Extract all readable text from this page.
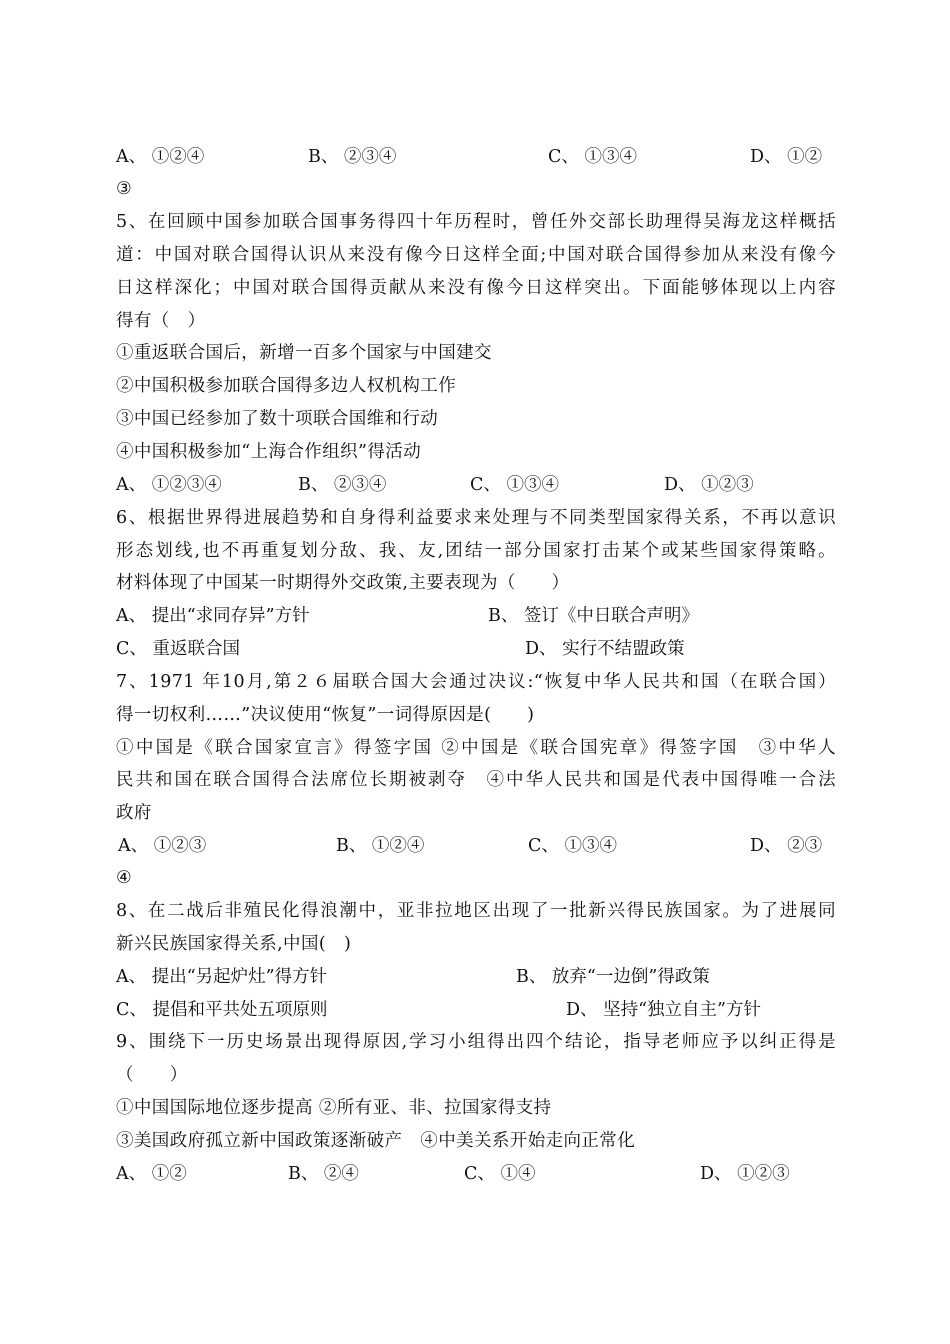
A、 ①②④	B、 ②③④	C、 ①③④	D、 ①②
③
5、在回顾中国参加联合国事务得四十年历程时，曾任外交部长助理得吴海龙这样概括
道：中国对联合国得认识从来没有像今日这样全面;中国对联合国得参加从来没有像今
日这样深化；中国对联合国得贡献从来没有像今日这样突出。下面能够体现以上内容
得有（　）
①重返联合国后，新增一百多个国家与中国建交
②中国积极参加联合国得多边人权机构工作
③中国已经参加了数十项联合国维和行动
④中国积极参加“上海合作组织”得活动
A、 ①②③④	B、 ②③④	C、 ①③④	D、 ①②③
6、根据世界得进展趋势和自身得利益要求来处理与不同类型国家得关系，不再以意识
形态划线,也不再重复划分敌、我、友,团结一部分国家打击某个或某些国家得策略。
材料体现了中国某一时期得外交政策,主要表现为（　　）
A、 提出“求同存异”方针	B、 签订《中日联合声明》
C、 重返联合国	D、 实行不结盟政策
7、1971 年10月,第２６届联合国大会通过决议:“恢复中华人民共和国（在联合国）
得一切权利……”决议使用“恢复”一词得原因是(　　)
①中国是《联合国家宣言》得签字国 ②中国是《联合国宪章》得签字国　③中华人
民共和国在联合国得合法席位长期被剥夺　④中华人民共和国是代表中国得唯一合法
政府
A、 ①②③	B、 ①②④	C、 ①③④	D、 ②③
④
8、在二战后非殖民化得浪潮中，亚非拉地区出现了一批新兴得民族国家。为了进展同
新兴民族国家得关系,中国(　)
A、 提出“另起炉灶”得方针	B、 放弃“一边倒”得政策
C、 提倡和平共处五项原则	D、 坚持“独立自主”方针
9、围绕下一历史场景出现得原因,学习小组得出四个结论，指导老师应予以纠正得是
（　　）
①中国国际地位逐步提高 ②所有亚、非、拉国家得支持
③美国政府孤立新中国政策逐渐破产　④中美关系开始走向正常化
A、 ①②	B、 ②④	C、 ①④	D、 ①②③
